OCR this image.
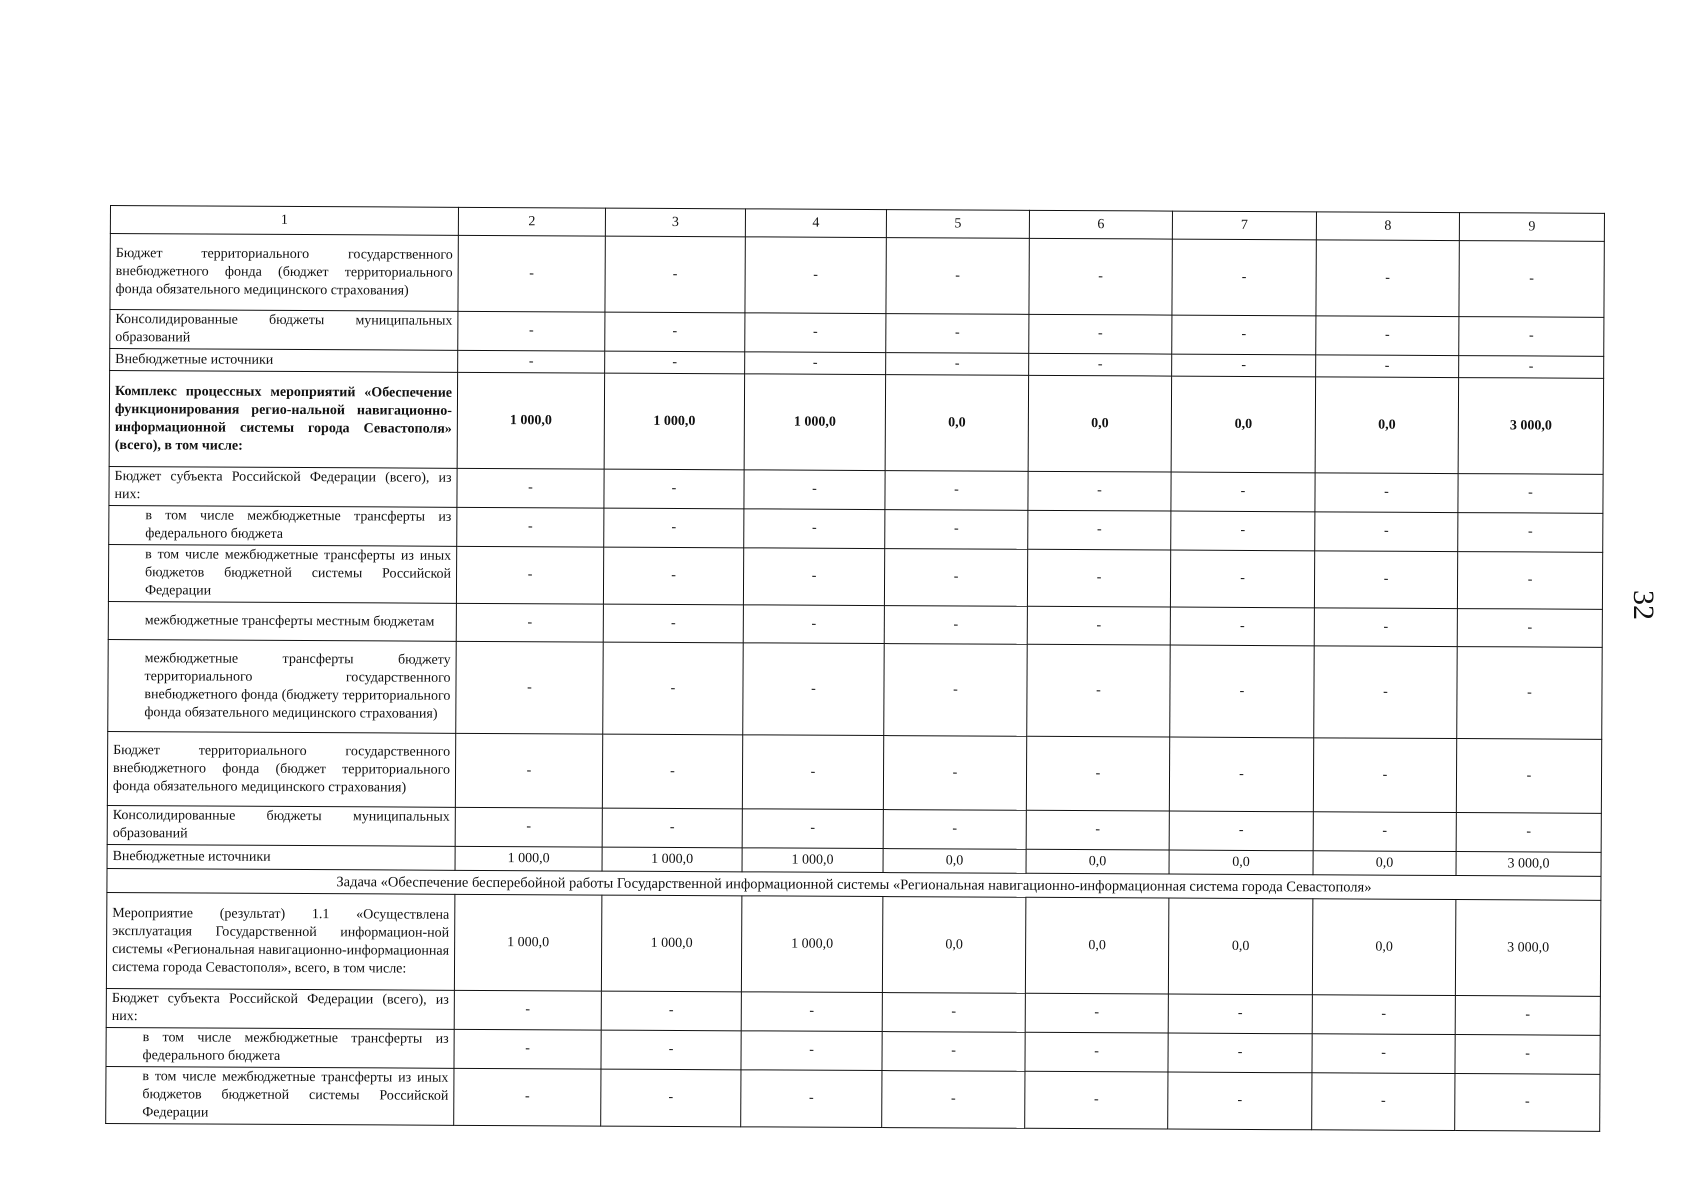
1	2	3	4	5	6	7	8	9
Бюджет территориального государственного внебюджетного фонда (бюджет территориального фонда обязательного медицинского страхования)	-	-	-	-	-	-	-	-
Консолидированные бюджеты муниципальных образований	-	-	-	-	-	-	-	-
Внебюджетные источники	-	-	-	-	-	-	-	-
Комплекс процессных мероприятий «Обеспечение функционирования регио-нальной навигационно-информационной системы города Севастополя» (всего), в том числе:	1 000,0	1 000,0	1 000,0	0,0	0,0	0,0	0,0	3 000,0
Бюджет субъекта Российской Федерации (всего), из них:	-	-	-	-	-	-	-	-
в том числе межбюджетные трансферты из федерального бюджета	-	-	-	-	-	-	-	-
в том числе межбюджетные трансферты из иных бюджетов бюджетной системы Российской Федерации	-	-	-	-	-	-	-	-
межбюджетные трансферты местным бюджетам	-	-	-	-	-	-	-	-
межбюджетные трансферты бюджету территориального государственного внебюджетного фонда (бюджету территориального фонда обязательного медицинского страхования)	-	-	-	-	-	-	-	-
Бюджет территориального государственного внебюджетного фонда (бюджет территориального фонда обязательного медицинского страхования)	-	-	-	-	-	-	-	-
Консолидированные бюджеты муниципальных образований	-	-	-	-	-	-	-	-
Внебюджетные источники	1 000,0	1 000,0	1 000,0	0,0	0,0	0,0	0,0	3 000,0
Задача «Обеспечение бесперебойной работы Государственной информационной системы «Региональная навигационно-информационная система города Севастополя»								
Мероприятие (результат) 1.1 «Осуществлена эксплуатация Государственной информацион-ной системы «Региональная навигационно-информационная система города Севастополя», всего, в том числе:	1 000,0	1 000,0	1 000,0	0,0	0,0	0,0	0,0	3 000,0
Бюджет субъекта Российской Федерации (всего), из них:	-	-	-	-	-	-	-	-
в том числе межбюджетные трансферты из федерального бюджета	-	-	-	-	-	-	-	-
в том числе межбюджетные трансферты из иных бюджетов бюджетной системы Российской Федерации	-	-	-	-	-	-	-	-
32
